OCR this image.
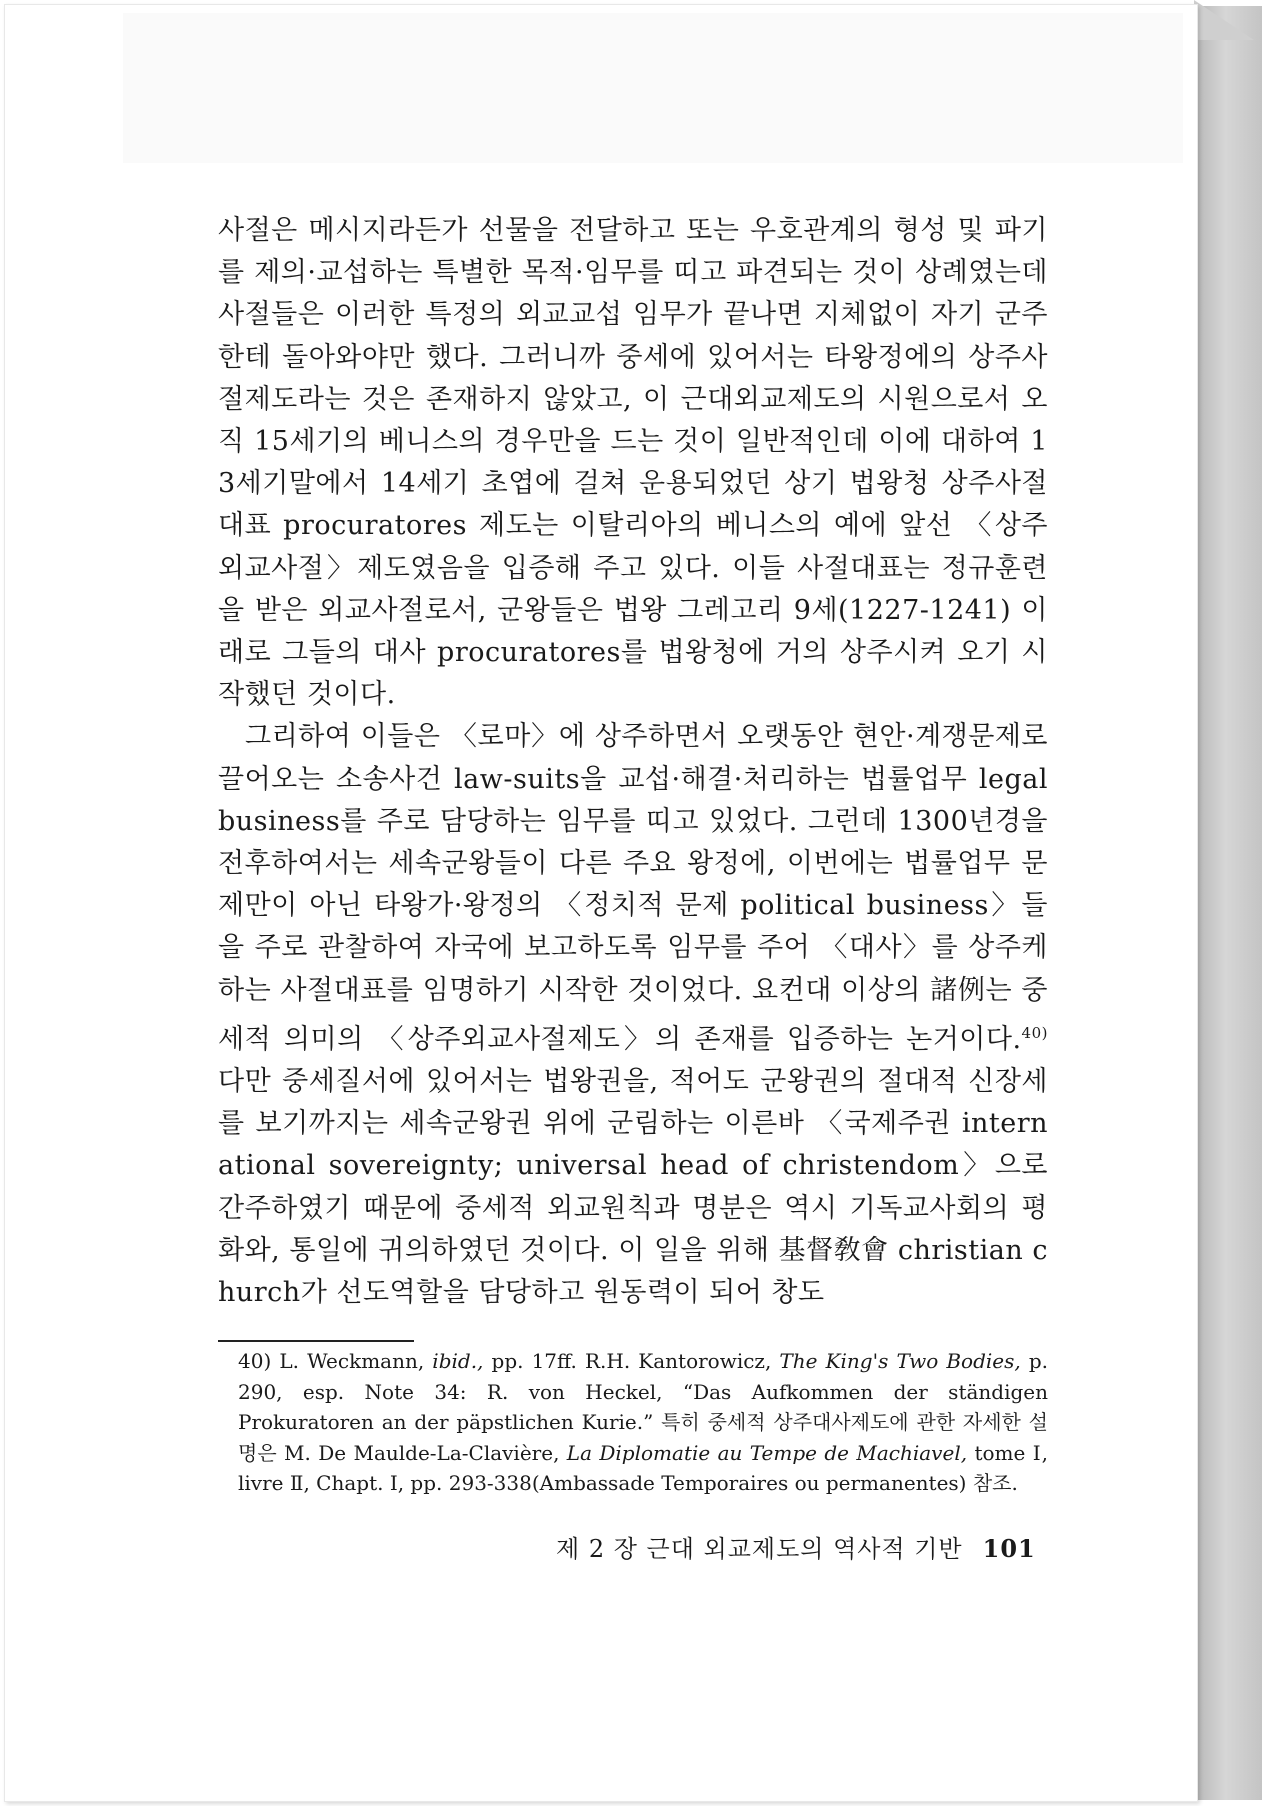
사절은 메시지라든가 선물을 전달하고 또는 우호관계의 형성 및 파기를 제의·교섭하는 특별한 목적·임무를 띠고 파견되는 것이 상례였는데 사절들은 이러한 특정의 외교교섭 임무가 끝나면 지체없이 자기 군주한테 돌아와야만 했다. 그러니까 중세에 있어서는 타왕정에의 상주사절제도라는 것은 존재하지 않았고, 이 근대외교제도의 시원으로서 오직 15세기의 베니스의 경우만을 드는 것이 일반적인데 이에 대하여 13세기말에서 14세기 초엽에 걸쳐 운용되었던 상기 법왕청 상주사절대표 procuratores 제도는 이탈리아의 베니스의 예에 앞선 〈상주외교사절〉제도였음을 입증해 주고 있다. 이들 사절대표는 정규훈련을 받은 외교사절로서, 군왕들은 법왕 그레고리 9세(1227-1241) 이래로 그들의 대사 procuratores를 법왕청에 거의 상주시켜 오기 시작했던 것이다.

그리하여 이들은 〈로마〉에 상주하면서 오랫동안 현안·계쟁문제로 끌어오는 소송사건 law-suits을 교섭·해결·처리하는 법률업무 legal business를 주로 담당하는 임무를 띠고 있었다. 그런데 1300년경을 전후하여서는 세속군왕들이 다른 주요 왕정에, 이번에는 법률업무 문제만이 아닌 타왕가·왕정의 〈정치적 문제 political business〉들을 주로 관찰하여 자국에 보고하도록 임무를 주어 〈대사〉를 상주케 하는 사절대표를 임명하기 시작한 것이었다. 요컨대 이상의 諸例는 중세적 의미의 〈상주외교사절제도〉의 존재를 입증하는 논거이다.$^{40)}$ 다만 중세질서에 있어서는 법왕권을, 적어도 군왕권의 절대적 신장세를 보기까지는 세속군왕권 위에 군림하는 이른바 〈국제주권 international sovereignty; universal head of christendom〉으로 간주하였기 때문에 중세적 외교원칙과 명분은 역시 기독교사회의 평화와, 통일에 귀의하였던 것이다. 이 일을 위해 基督敎會 christian church가 선도역할을 담당하고 원동력이 되어 창도

40) L. Weckmann, ibid., pp. 17ff. R.H. Kantorowicz, The King's Two Bodies, p. 290, esp. Note 34: R. von Heckel, “Das Aufkommen der ständigen Prokuratoren an der päpstlichen Kurie.” 특히 중세적 상주대사제도에 관한 자세한 설명은 M. De Maulde-La-Clavière, La Diplomatie au Tempe de Machiavel, tome Ⅰ, livre Ⅱ, Chapt. Ⅰ, pp. 293-338(Ambassade Temporaires ou permanentes) 참조.
제 2 장 근대 외교제도의 역사적 기반 101
